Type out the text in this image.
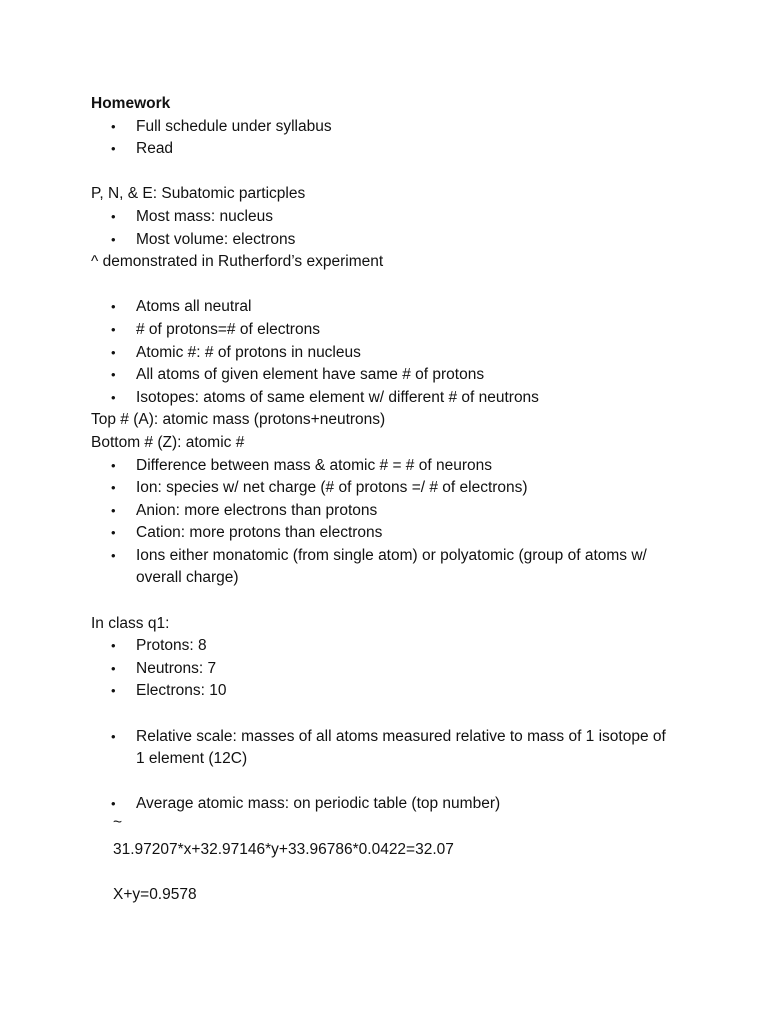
Homework
• Full schedule under syllabus
• Read
P, N, & E: Subatomic particples
• Most mass: nucleus
• Most volume: electrons
^ demonstrated in Rutherford’s experiment
• Atoms all neutral
• # of protons=# of electrons
• Atomic #: # of protons in nucleus
• All atoms of given element have same # of protons
• Isotopes: atoms of same element w/ different # of neutrons
Top # (A): atomic mass (protons+neutrons)
Bottom # (Z): atomic #
• Difference between mass & atomic # = # of neurons
• Ion: species w/ net charge (# of protons =/ # of electrons)
• Anion: more electrons than protons
• Cation: more protons than electrons
• Ions either monatomic (from single atom) or polyatomic (group of atoms w/ overall charge)
In class q1:
• Protons: 8
• Neutrons: 7
• Electrons: 10
• Relative scale: masses of all atoms measured relative to mass of 1 isotope of 1 element (12C)
• Average atomic mass: on periodic table (top number)
~
31.97207*x+32.97146*y+33.96786*0.0422=32.07
X+y=0.9578
